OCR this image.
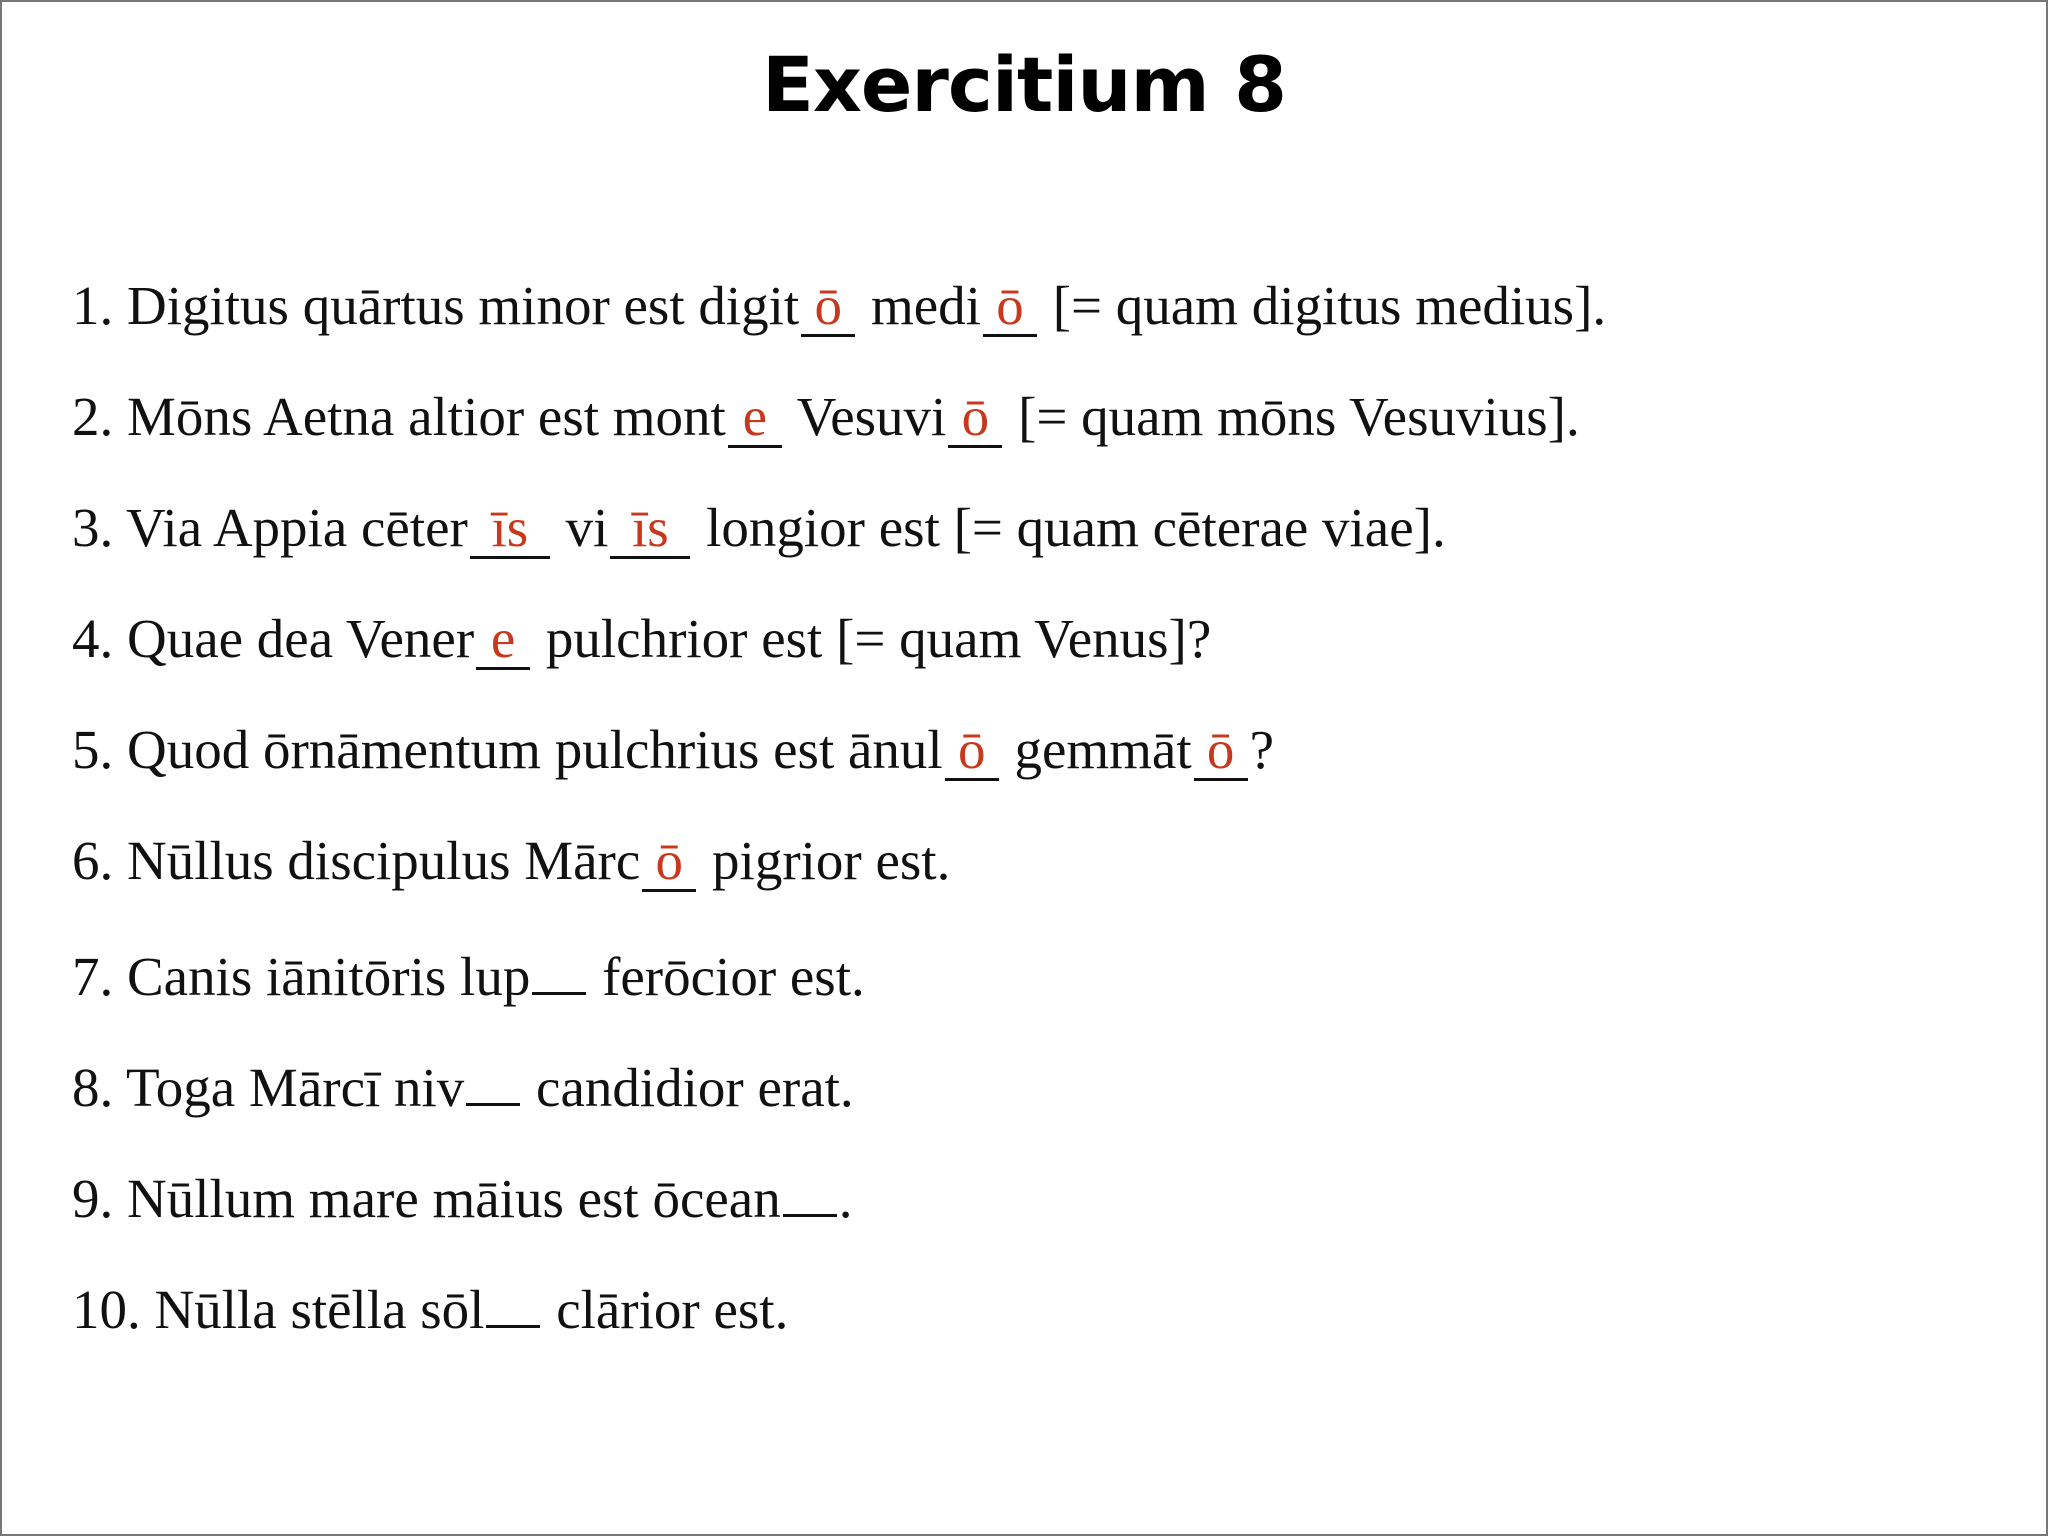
Exercitium 8
1. Digitus quārtus minor est digit ō medi ō [= quam digitus medius].
2. Mōns Aetna altior est mont e Vesuvi ō [= quam mōns Vesuvius].
3. Via Appia cēter īs vi īs longior est [= quam cēterae viae].
4. Quae dea Vener e pulchrior est [= quam Venus]?
5. Quod ōrnāmentum pulchrius est ānul ō gemmāt ō ?
6. Nūllus discipulus Mārc ō pigrior est.
7. Canis iānitōris lup ferōcior est.
8. Toga Mārcī niv candidior erat.
9. Nūllum mare māius est ōcean .
10. Nūlla stēlla sōl clārior est.
